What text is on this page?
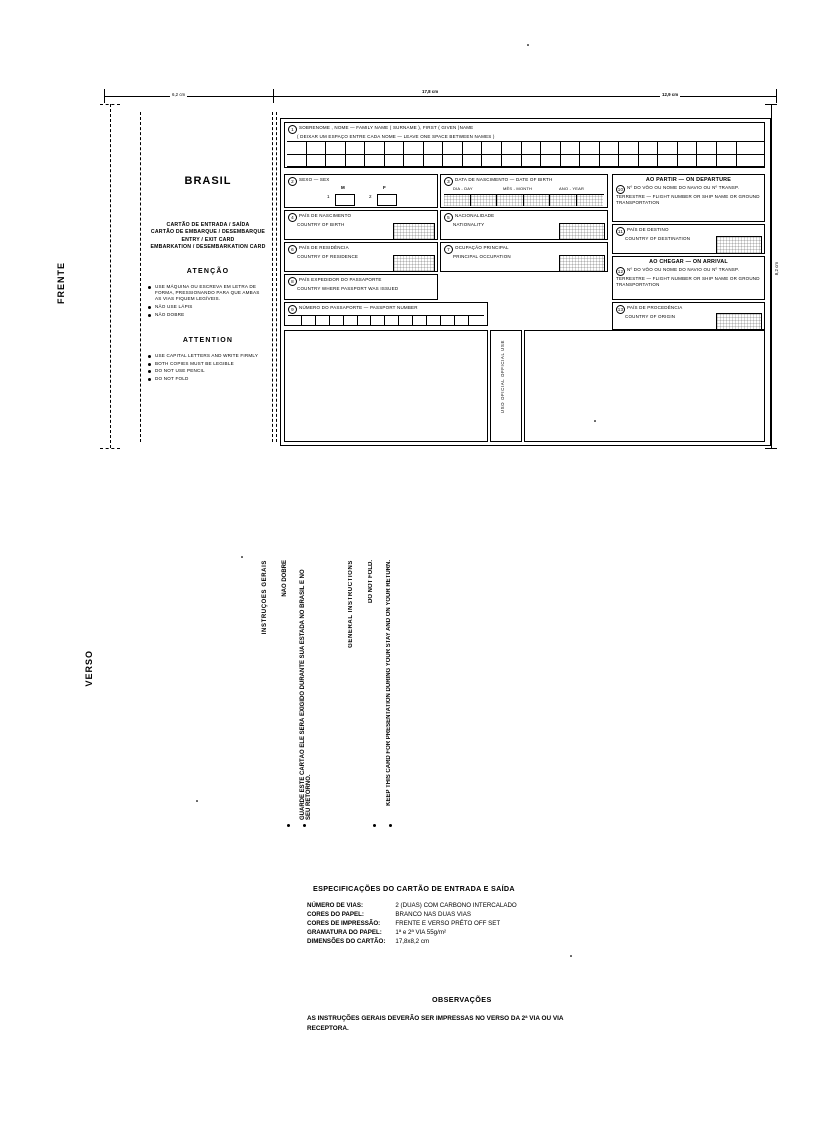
6,2 cm
17,8 cm
12,9 cm
8,2 cm
FRENTE
BRASIL
CARTÃO DE ENTRADA / SAÍDA
CARTÃO DE EMBARQUE / DESEMBARQUE
ENTRY / EXIT CARD
EMBARKATION / DESEMBARKATION CARD
ATENÇÃO
USE MÁQUINA OU ESCREVA EM LETRA DE FORMA, PRESSIONANDO PARA QUE AMBAS AS VIAS FIQUEM LEGÍVEIS.
NÃO USE LÁPIS
NÃO DOBRE
ATTENTION
USE CAPITAL LETTERS AND WRITE FIRMLY
BOTH COPIES MUST BE LEGIBLE
DO NOT USE PENCIL
DO NOT FOLD
1 SOBRENOME , NOME — FAMILY NAME ( SURNAME ), FIRST ( GIVEN )NAME
( DEIXAR UM ESPAÇO ENTRE CADA NOME — LEAVE ONE SPACE BETWEEN NAMES )
2 SEXO — SEX
M	F
1	2
3 DATA DE NASCIMENTO — DATE OF BIRTH
DIA - DAY	MÊS - MONTH	ANO - YEAR
4 PAÍS DE NASCIMENTO
COUNTRY OF BIRTH
5 NACIONALIDADE
NATIONALITY
6 PAÍS DE RESIDÊNCIA
COUNTRY OF RESIDENCE
7 OCUPAÇÃO PRINCIPAL
PRINCIPAL OCCUPATION
8 PAÍS EXPEDIDOR DO PASSAPORTE
COUNTRY WHERE PASSPORT WAS ISSUED
9 NÚMERO DO PASSAPORTE — PASSPORT NUMBER
AO PARTIR — ON DEPARTURE
10 Nº DO VÔO OU NOME DO NAVIO OU Nº TRANSP. TERRESTRE — FLIGHT NUMBER OR SHIP NAME OR GROUND TRANSPORTATION
11 PAÍS DE DESTINO
COUNTRY OF DESTINATION
AO CHEGAR — ON ARRIVAL
12 Nº DO VÔO OU NOME DO NAVIO OU Nº TRANSP. TERRESTRE — FLIGHT NUMBER OR SHIP NAME OR GROUND TRANSPORTATION
13 PAÍS DE PROCEDÊNCIA
COUNTRY OF ORIGIN
USO OFICIAL OFFICIAL USE
VERSO
INSTRUÇÕES GERAIS NÃO DOBRE GUARDE ESTE CARTÃO ELE SERÁ EXIGIDO DURANTE SUA ESTADA NO BRASIL E NO SEU RETORNO.
GENERAL INSTRUCTIONS DO NOT FOLD. KEEP THIS CARD FOR PRESENTATION DURING YOUR STAY AND ON YOUR RETURN.
ESPECIFICAÇÕES DO CARTÃO DE ENTRADA E SAÍDA
NÚMERO DE VIAS:	2 (DUAS) COM CARBONO INTERCALADO
CORES DO PAPEL:	BRANCO NAS DUAS VIAS
CORES DE IMPRESSÃO:	FRENTE E VERSO PRÉTO OFF SET
GRAMATURA DO PAPEL:	1ª e 2ª VIA 55g/m²
DIMENSÕES DO CARTÃO:	17,8x8,2 cm
OBSERVAÇÕES
AS INSTRUÇÕES GERAIS DEVERÃO SER IMPRESSAS NO VERSO DA 2ª VIA OU VIA RECEPTORA.
